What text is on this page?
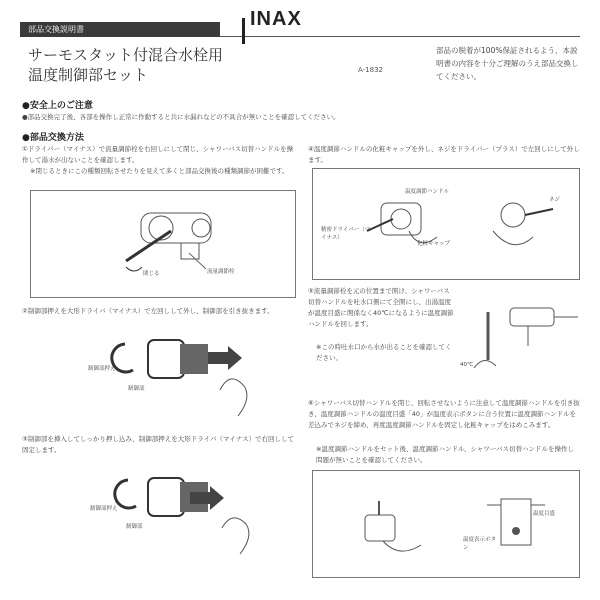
部品交換説明書	INAX
サーモスタット付混合水栓用
温度制御部セット	A-1832
部品の脱着が100%保証されるよう、本説明書の内容を十分ご理解のうえ部品交換してください。
●安全上のご注意
●部品交換完了後、各部を操作し正常に作動すると共に水漏れなどの不具合が無いことを確認してください。
●部品交換方法
①ドライバー（マイナス）で流量調節栓を右回しにして閉じ、シャワーバス切替ハンドルを操作して湯水が出ないことを確認します。
※閉じるときにこの種類回転させたりを見えて多くと部品交換後の種類調節が困難です。
閉じる	流量調節栓
②制御部押えを大形ドライバ（マイナス）で左回しして外し、制御部を引き抜きます。
制御部押え
制御部
③制御部を挿入してしっかり押し込み、制御部押えを大形ドライバ（マイナス）で右回しして固定します。
制御部押え
制御部
④温度調節ハンドルの化粧キャップを外し、ネジをドライバー（プラス）で左回しにして外します。
温度調節ハンドル
精密ドライバー（マイナス）
化粧キャップ
ネジ
⑤流量調節栓を元の位置まで開け、シャワーバス切替ハンドルを吐水口側にて全開にし、出湯温度が温度目盛に関係なく40℃になるように温度調節ハンドルを回します。
※この時吐水口から水が出ることを確認してください。
40℃
⑥シャワーバス切替ハンドルを閉じ、回転させないように注意して温度調節ハンドルを引き抜き、温度調節ハンドルの温度目盛「40」が温度表示ボタンに合う位置に温度調節ハンドルを差込みでネジを締め、再度温度調節ハンドルを固定し化粧キャップをはめこみます。
※温度調節ハンドルをセット後、温度調節ハンドル、シャワーバス切替ハンドルを操作し問題が無いことを確認してください。
温度目盛
温度表示ボタン
